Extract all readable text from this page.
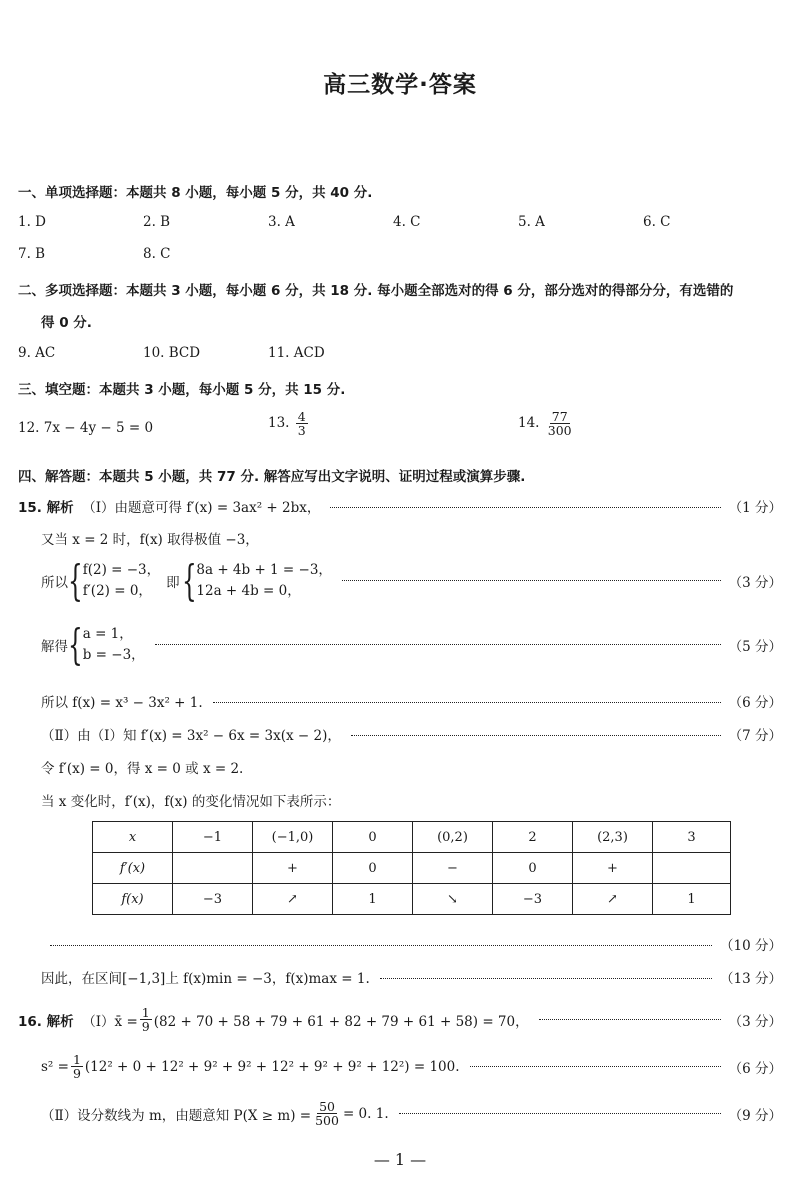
高三数学·答案
一、单项选择题：本题共 8 小题，每小题 5 分，共 40 分.
1. D	2. B	3. A	4. C	5. A	6. C
7. B	8. C
二、多项选择题：本题共 3 小题，每小题 6 分，共 18 分. 每小题全部选对的得 6 分，部分选对的得部分分，有选错的
得 0 分.
9. AC	10. BCD	11. ACD
三、填空题：本题共 3 小题，每小题 5 分，共 15 分.
12. 7x − 4y − 5 = 0	13. $\frac{4}{3}$	14. $\frac{77}{300}$
四、解答题：本题共 5 小题，共 77 分. 解答应写出文字说明、证明过程或演算步骤.
15. 解析
（Ⅰ）由题意可得 f′(x) = 3ax² + 2bx，	（1 分）
又当 x = 2 时，f(x) 取得极值 −3，
所以 { f(2) = −3，
f′(2) = 0，	即 { 8a + 4b + 1 = −3，
12a + 4b = 0，	（3 分）
解得 { a = 1，
b = −3，	（5 分）
所以 f(x) = x³ − 3x² + 1.	（6 分）
（Ⅱ）由（Ⅰ）知 f′(x) = 3x² − 6x = 3x(x − 2)，	（7 分）
令 f′(x) = 0，得 x = 0 或 x = 2.
当 x 变化时，f′(x)，f(x) 的变化情况如下表所示：
x	−1	(−1,0)	0	(0,2)	2	(2,3)	3
f′(x)		+	0	−	0	+	
f(x)	−3	↗	1	↘	−3	↗	1
（10 分）
因此，在区间[−1,3]上 f(x)min = −3，f(x)max = 1.	（13 分）
16. 解析
（Ⅰ）x̄ = $\frac{1}{9} (82 + 70 + 58 + 79 + 61 + 82 + 79 + 61 + 58) = 70$，	（3 分）
$s^2 = \frac{1}{9} (12^2 + 0 + 12^2 + 9^2 + 9^2 + 12^2 + 9^2 + 9^2 + 12^2) = 100$.	（6 分）
（Ⅱ）设分数线为 m，由题意知 $P(X \ge m) = \frac{50}{500} = 0$. 1.	（9 分）
— 1 —
